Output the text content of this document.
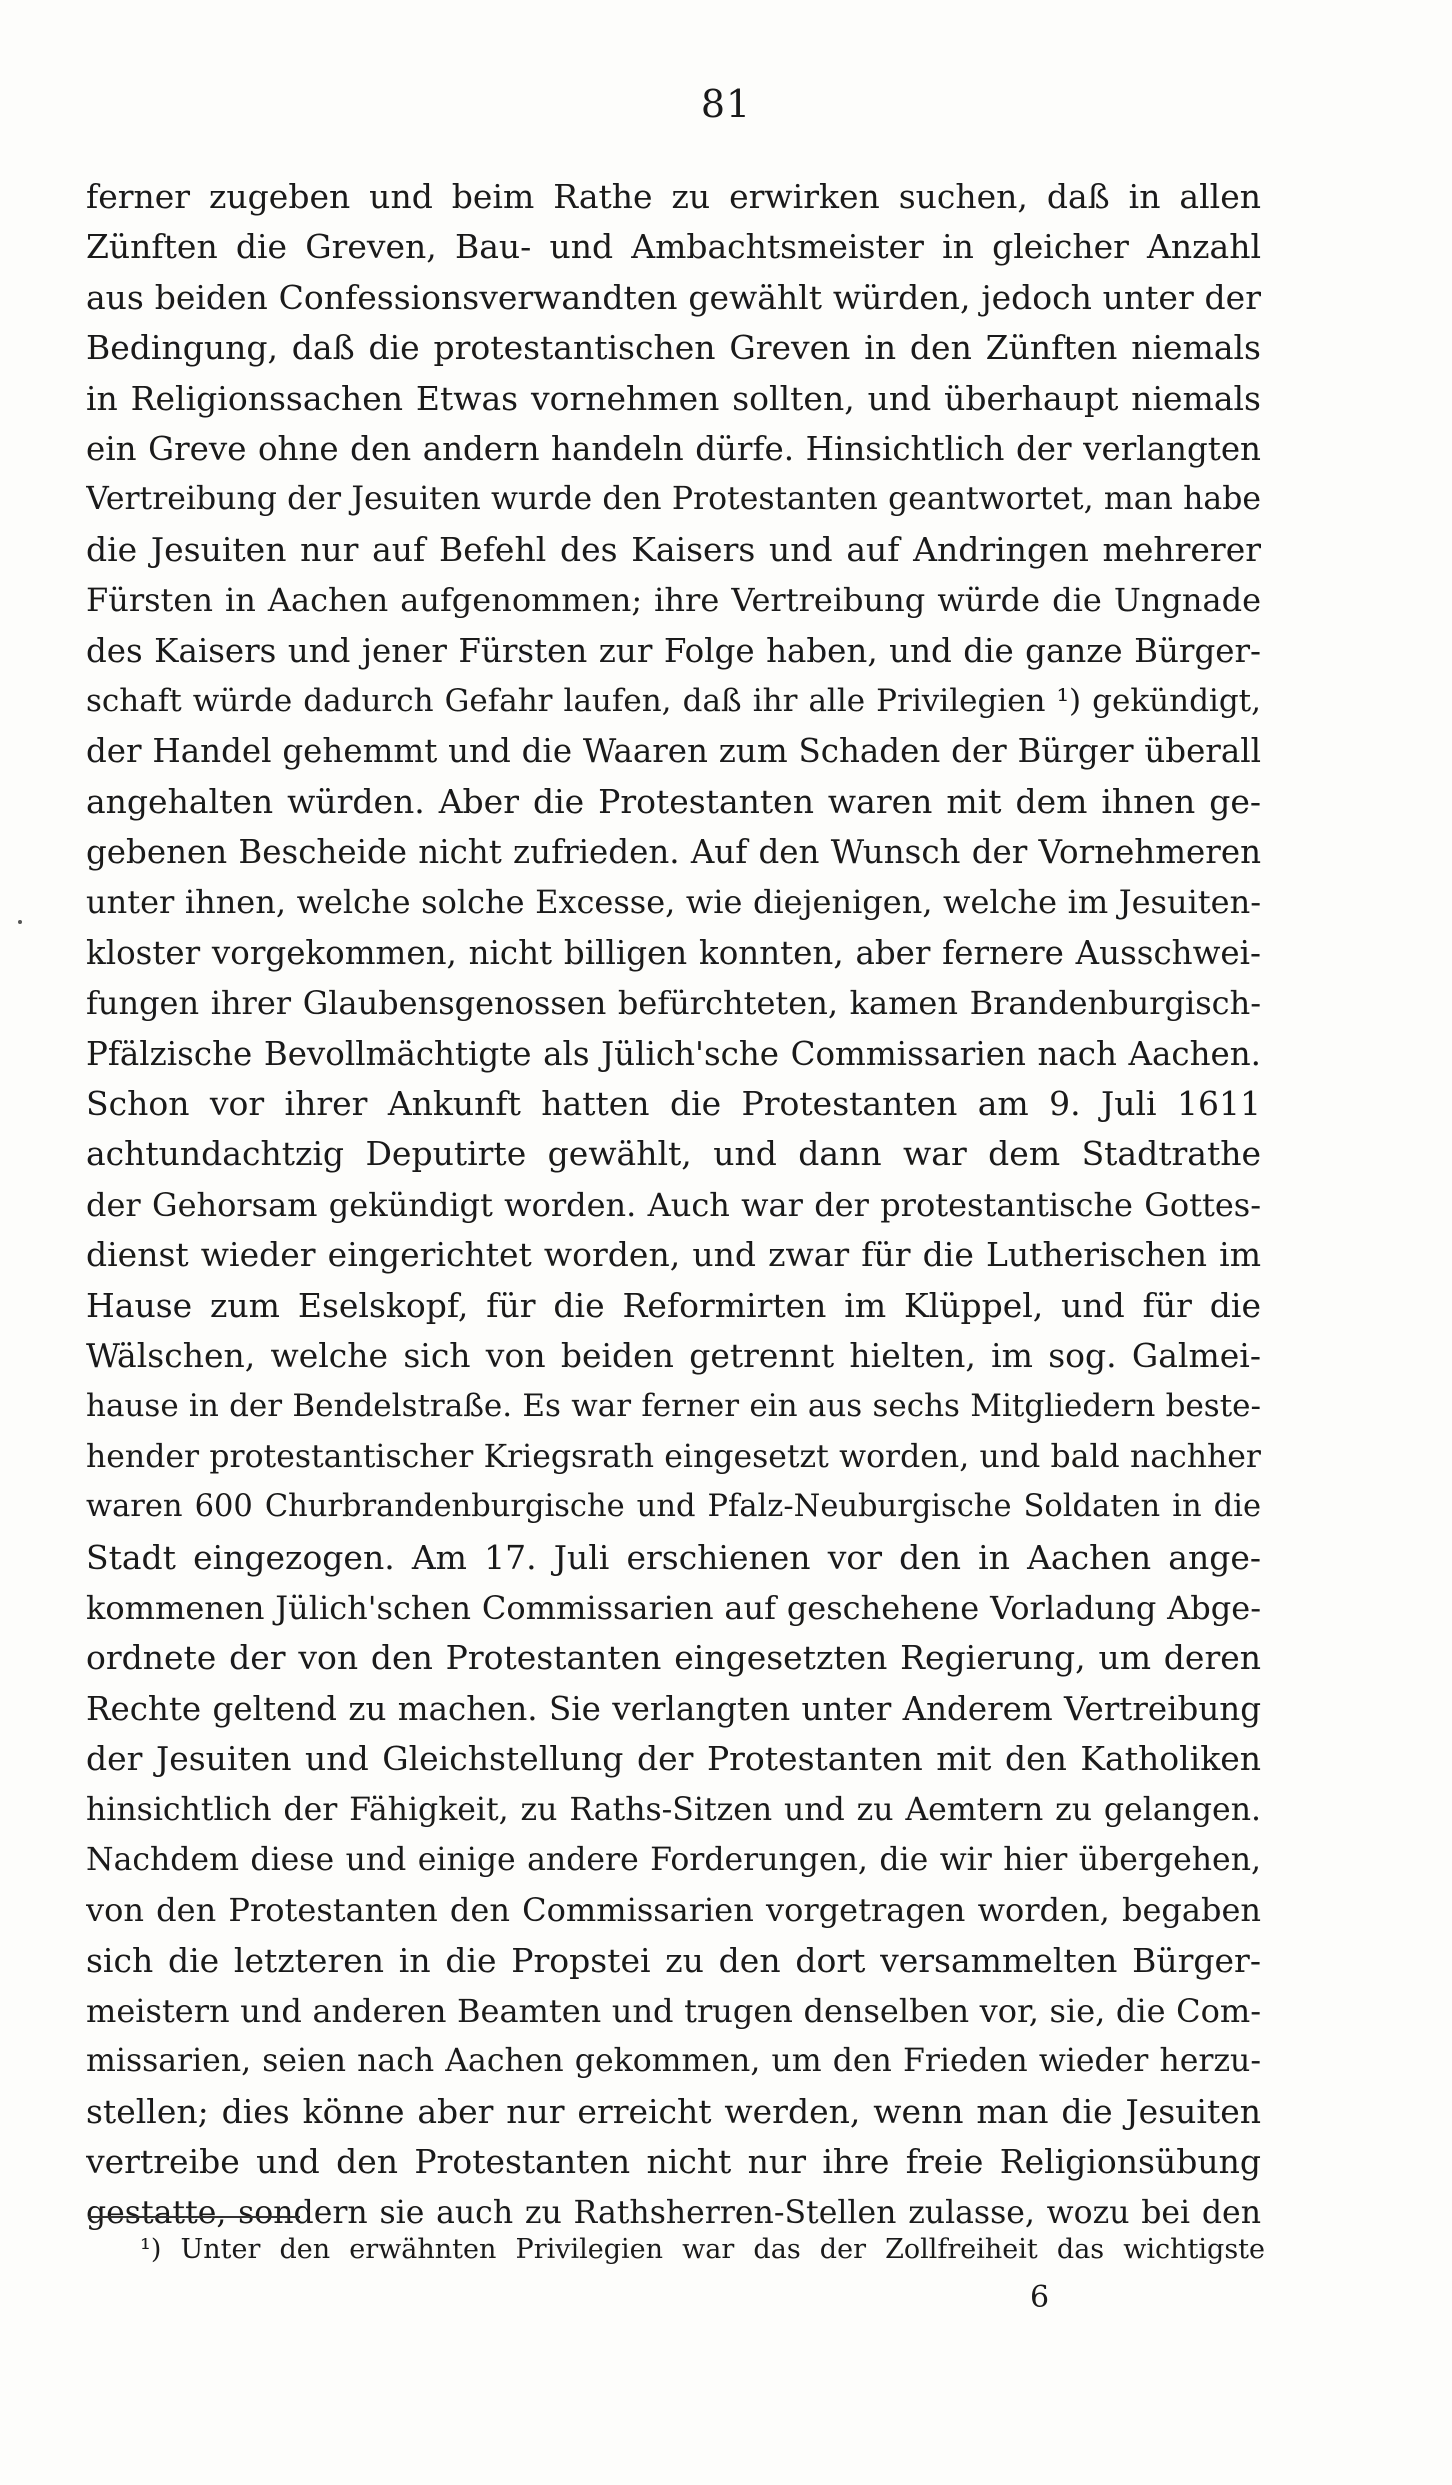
81
ferner zugeben und beim Rathe zu erwirken suchen, daß in allen
Zünften die Greven, Bau- und Ambachtsmeister in gleicher Anzahl
aus beiden Confessionsverwandten gewählt würden, jedoch unter der
Bedingung, daß die protestantischen Greven in den Zünften niemals
in Religionssachen Etwas vornehmen sollten, und überhaupt niemals
ein Greve ohne den andern handeln dürfe. Hinsichtlich der verlangten
Vertreibung der Jesuiten wurde den Protestanten geantwortet, man habe
die Jesuiten nur auf Befehl des Kaisers und auf Andringen mehrerer
Fürsten in Aachen aufgenommen; ihre Vertreibung würde die Ungnade
des Kaisers und jener Fürsten zur Folge haben, und die ganze Bürger-
schaft würde dadurch Gefahr laufen, daß ihr alle Privilegien ¹) gekündigt,
der Handel gehemmt und die Waaren zum Schaden der Bürger überall
angehalten würden. Aber die Protestanten waren mit dem ihnen ge-
gebenen Bescheide nicht zufrieden. Auf den Wunsch der Vornehmeren
unter ihnen, welche solche Excesse, wie diejenigen, welche im Jesuiten-
kloster vorgekommen, nicht billigen konnten, aber fernere Ausschwei-
fungen ihrer Glaubensgenossen befürchteten, kamen Brandenburgisch-
Pfälzische Bevollmächtigte als Jülich'sche Commissarien nach Aachen.
Schon vor ihrer Ankunft hatten die Protestanten am 9. Juli 1611
achtundachtzig Deputirte gewählt, und dann war dem Stadtrathe
der Gehorsam gekündigt worden. Auch war der protestantische Gottes-
dienst wieder eingerichtet worden, und zwar für die Lutherischen im
Hause zum Eselskopf, für die Reformirten im Klüppel, und für die
Wälschen, welche sich von beiden getrennt hielten, im sog. Galmei-
hause in der Bendelstraße. Es war ferner ein aus sechs Mitgliedern beste-
hender protestantischer Kriegsrath eingesetzt worden, und bald nachher
waren 600 Churbrandenburgische und Pfalz-Neuburgische Soldaten in die
Stadt eingezogen. Am 17. Juli erschienen vor den in Aachen ange-
kommenen Jülich'schen Commissarien auf geschehene Vorladung Abge-
ordnete der von den Protestanten eingesetzten Regierung, um deren
Rechte geltend zu machen. Sie verlangten unter Anderem Vertreibung
der Jesuiten und Gleichstellung der Protestanten mit den Katholiken
hinsichtlich der Fähigkeit, zu Raths-Sitzen und zu Aemtern zu gelangen.
Nachdem diese und einige andere Forderungen, die wir hier übergehen,
von den Protestanten den Commissarien vorgetragen worden, begaben
sich die letzteren in die Propstei zu den dort versammelten Bürger-
meistern und anderen Beamten und trugen denselben vor, sie, die Com-
missarien, seien nach Aachen gekommen, um den Frieden wieder herzu-
stellen; dies könne aber nur erreicht werden, wenn man die Jesuiten
vertreibe und den Protestanten nicht nur ihre freie Religionsübung
gestatte, sondern sie auch zu Rathsherren-Stellen zulasse, wozu bei den
¹) Unter den erwähnten Privilegien war das der Zollfreiheit das wichtigste
6
